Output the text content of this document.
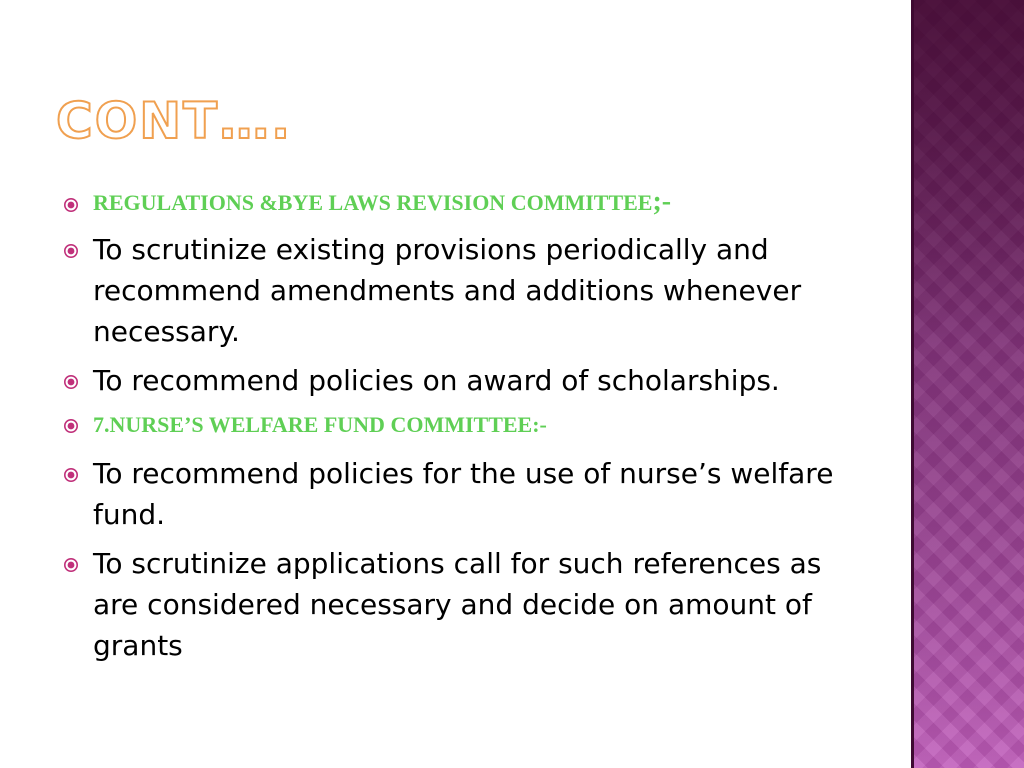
CONT….
REGULATIONS &BYE LAWS REVISION COMMITTEE;-
To scrutinize existing provisions periodically and recommend amendments and additions whenever necessary.
To recommend policies on award of scholarships.
7.NURSE’S WELFARE FUND COMMITTEE:-
To recommend policies for the use of nurse’s welfare fund.
To scrutinize applications call for such references as are considered necessary and decide on amount of grants
